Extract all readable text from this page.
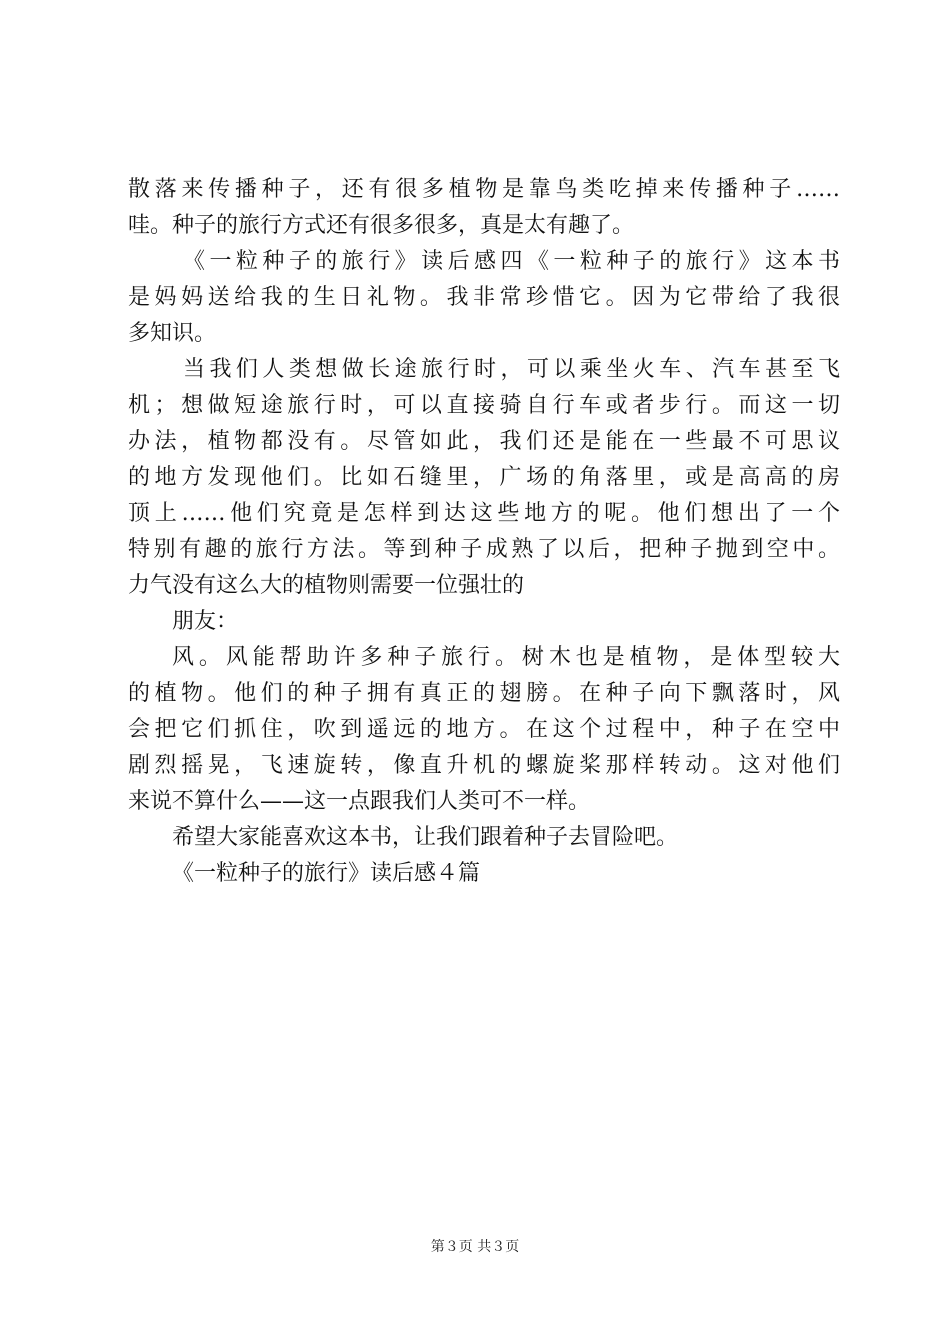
散落来传播种子，还有很多植物是靠鸟类吃掉来传播种子……
哇。种子的旅行方式还有很多很多，真是太有趣了。
《一粒种子的旅行》读后感四《一粒种子的旅行》这本书
是妈妈送给我的生日礼物。我非常珍惜它。因为它带给了我很
多知识。
当我们人类想做长途旅行时，可以乘坐火车、汽车甚至飞
机；想做短途旅行时，可以直接骑自行车或者步行。而这一切
办法，植物都没有。尽管如此，我们还是能在一些最不可思议
的地方发现他们。比如石缝里，广场的角落里，或是高高的房
顶上……他们究竟是怎样到达这些地方的呢。他们想出了一个
特别有趣的旅行方法。等到种子成熟了以后，把种子抛到空中。
力气没有这么大的植物则需要一位强壮的
朋友：
风。风能帮助许多种子旅行。树木也是植物，是体型较大
的植物。他们的种子拥有真正的翅膀。在种子向下飘落时，风
会把它们抓住，吹到遥远的地方。在这个过程中，种子在空中
剧烈摇晃，飞速旋转，像直升机的螺旋桨那样转动。这对他们
来说不算什么——这一点跟我们人类可不一样。
希望大家能喜欢这本书，让我们跟着种子去冒险吧。
《一粒种子的旅行》读后感４篇
第３页 共３页
